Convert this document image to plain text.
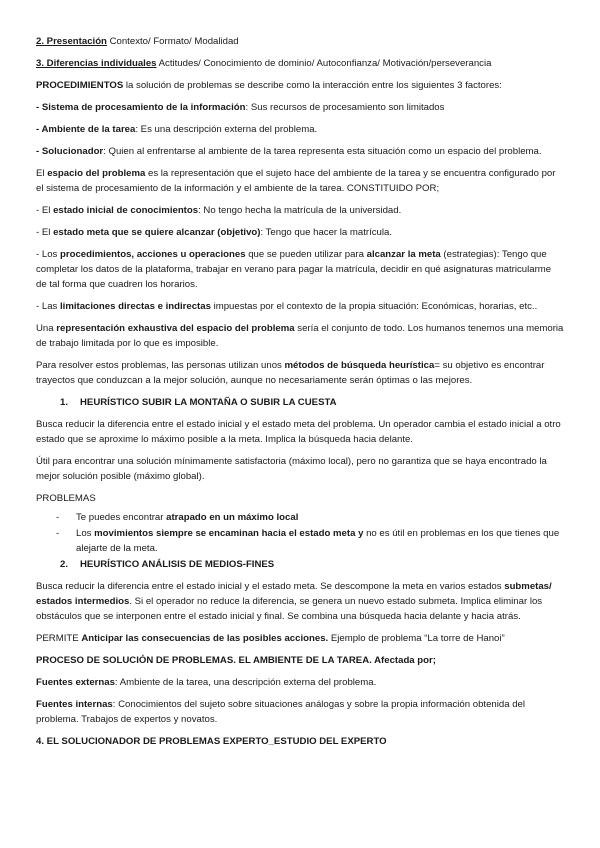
2. Presentación Contexto/ Formato/ Modalidad

3. Diferencias individuales Actitudes/ Conocimiento de dominio/ Autoconfianza/ Motivación/perseverancia

PROCEDIMIENTOS la solución de problemas se describe como la interacción entre los siguientes 3 factores:

- Sistema de procesamiento de la información: Sus recursos de procesamiento son limitados

- Ambiente de la tarea: Es una descripción externa del problema.

- Solucionador: Quien al enfrentarse al ambiente de la tarea representa esta situación como un espacio del problema.

El espacio del problema es la representación que el sujeto hace del ambiente de la tarea y se encuentra configurado por el sistema de procesamiento de la información y el ambiente de la tarea. CONSTITUIDO POR;

- El estado inicial de conocimientos: No tengo hecha la matrícula de la universidad.

- El estado meta que se quiere alcanzar (objetivo): Tengo que hacer la matrícula.

- Los procedimientos, acciones u operaciones que se pueden utilizar para alcanzar la meta (estrategias): Tengo que completar los datos de la plataforma, trabajar en verano para pagar la matrícula, decidir en qué asignaturas matricularme de tal forma que cuadren los horarios.

- Las limitaciones directas e indirectas impuestas por el contexto de la propia situación: Económicas, horarias, etc..

Una representación exhaustiva del espacio del problema sería el conjunto de todo. Los humanos tenemos una memoria de trabajo limitada por lo que es imposible.

Para resolver estos problemas, las personas utilizan unos métodos de búsqueda heurística= su objetivo es encontrar trayectos que conduzcan a la mejor solución, aunque no necesariamente serán óptimas o las mejores.

1. HEURÍSTICO SUBIR LA MONTAÑA O SUBIR LA CUESTA

Busca reducir la diferencia entre el estado inicial y el estado meta del problema. Un operador cambia el estado inicial a otro estado que se aproxime lo máximo posible a la meta. Implica la búsqueda hacia delante.

Útil para encontrar una solución mínimamente satisfactoria (máximo local), pero no garantiza que se haya encontrado la mejor solución posible (máximo global).

PROBLEMAS

- Te puedes encontrar atrapado en un máximo local
- Los movimientos siempre se encaminan hacia el estado meta y no es útil en problemas en los que tienes que alejarte de la meta.
2. HEURÍSTICO ANÁLISIS DE MEDIOS-FINES

Busca reducir la diferencia entre el estado inicial y el estado meta. Se descompone la meta en varios estados submetas/ estados intermedios. Si el operador no reduce la diferencia, se genera un nuevo estado submeta. Implica eliminar los obstáculos que se interponen entre el estado inicial y final. Se combina una búsqueda hacia delante y hacia atrás.

PERMITE Anticipar las consecuencias de las posibles acciones. Ejemplo de problema “La torre de Hanoi”

PROCESO DE SOLUCIÓN DE PROBLEMAS. EL AMBIENTE DE LA TAREA. Afectada por;

Fuentes externas: Ambiente de la tarea, una descripción externa del problema.

Fuentes internas: Conocimientos del sujeto sobre situaciones análogas y sobre la propia información obtenida del problema. Trabajos de expertos y novatos.

4. EL SOLUCIONADOR DE PROBLEMAS EXPERTO_ESTUDIO DEL EXPERTO
